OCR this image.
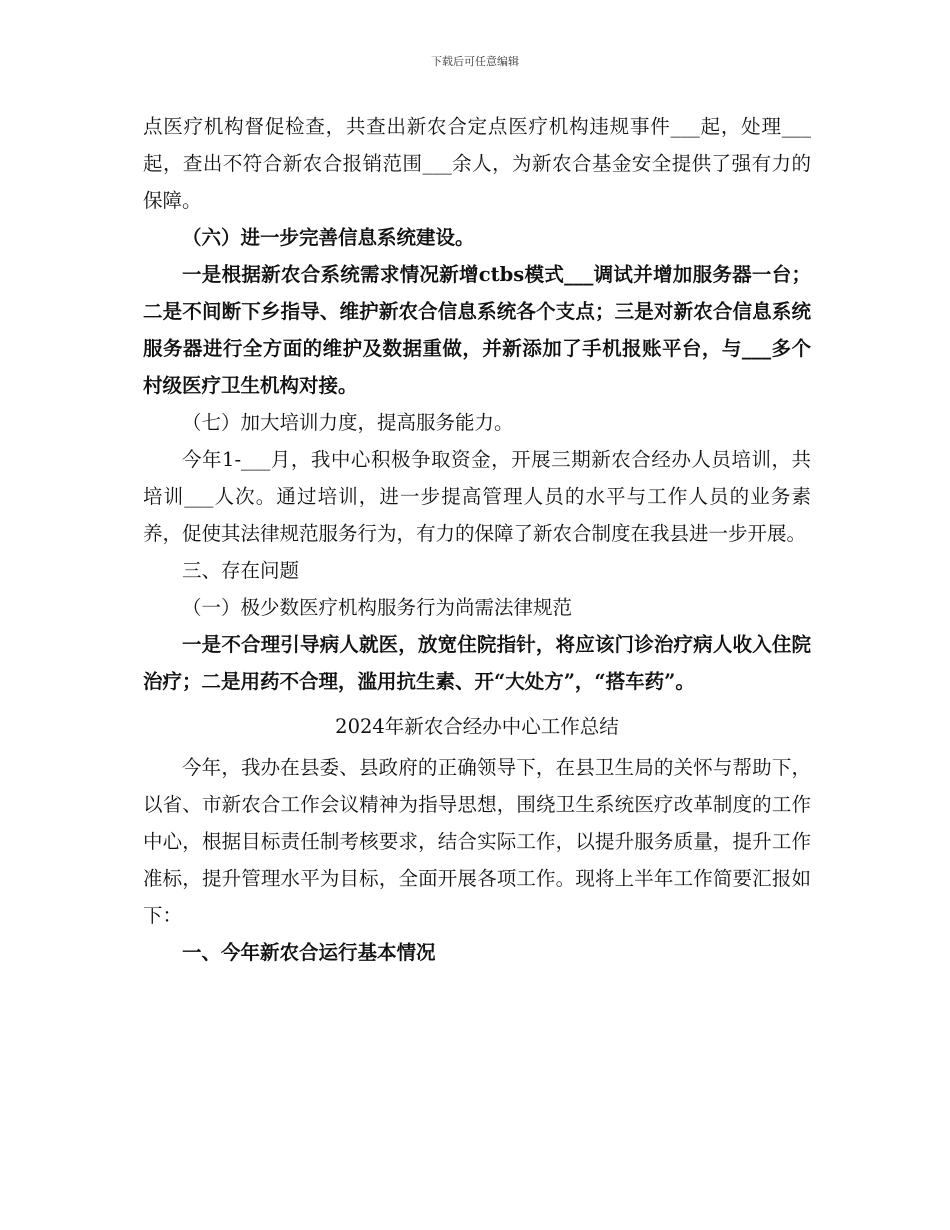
下载后可任意编辑

点医疗机构督促检查，共查出新农合定点医疗机构违规事件___起，处理___起，查出不符合新农合报销范围___余人，为新农合基金安全提供了强有力的保障。

（六）进一步完善信息系统建设。

一是根据新农合系统需求情况新增ctbs模式___调试并增加服务器一台；二是不间断下乡指导、维护新农合信息系统各个支点；三是对新农合信息系统服务器进行全方面的维护及数据重做，并新添加了手机报账平台，与___多个村级医疗卫生机构对接。

（七）加大培训力度，提高服务能力。

今年1-___月，我中心积极争取资金，开展三期新农合经办人员培训，共培训___人次。通过培训，进一步提高管理人员的水平与工作人员的业务素养，促使其法律规范服务行为，有力的保障了新农合制度在我县进一步开展。

三、存在问题

（一）极少数医疗机构服务行为尚需法律规范

一是不合理引导病人就医，放宽住院指针，将应该门诊治疗病人收入住院治疗；二是用药不合理，滥用抗生素、开“大处方”，“搭车药”。

2024年新农合经办中心工作总结

今年，我办在县委、县政府的正确领导下，在县卫生局的关怀与帮助下，以省、市新农合工作会议精神为指导思想，围绕卫生系统医疗改革制度的工作中心，根据目标责任制考核要求，结合实际工作，以提升服务质量，提升工作准标，提升管理水平为目标，全面开展各项工作。现将上半年工作简要汇报如下：

一、今年新农合运行基本情况
